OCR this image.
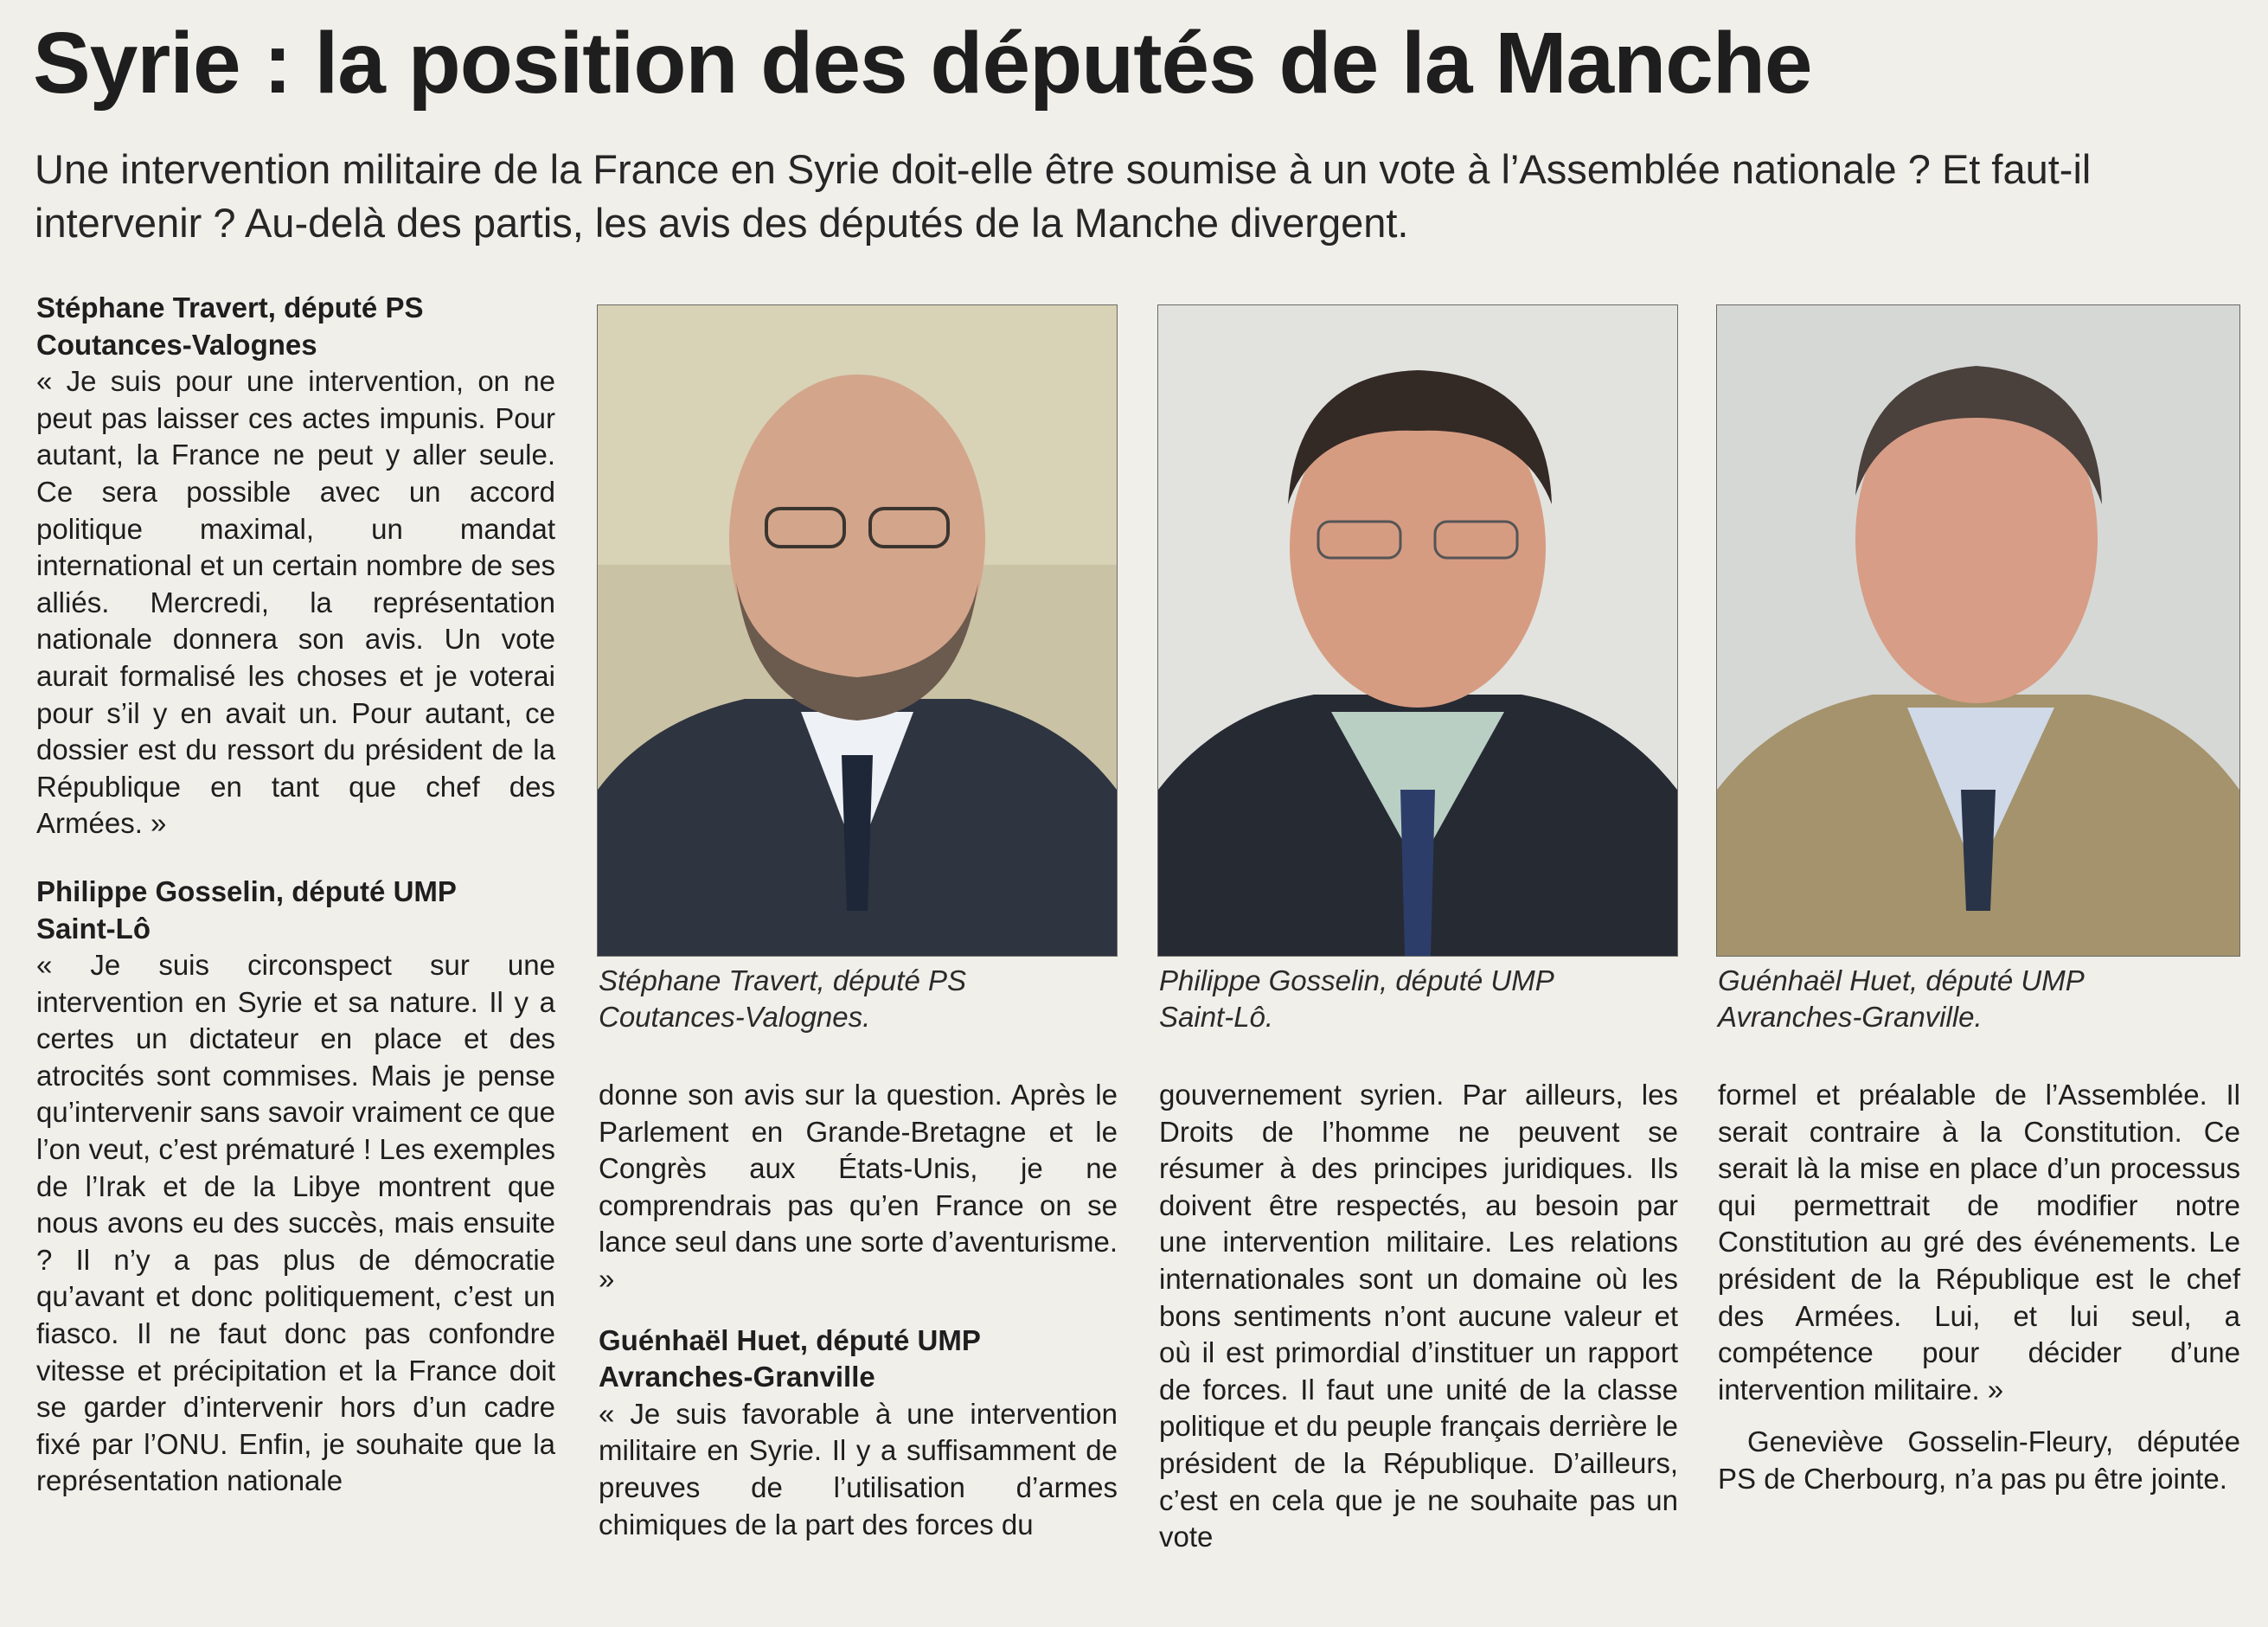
Syrie : la position des députés de la Manche

Une intervention militaire de la France en Syrie doit-elle être soumise à un vote à l’Assemblée nationale ? Et faut-il intervenir ? Au-delà des partis, les avis des députés de la Manche divergent.

Stéphane Travert, député PS
Coutances-Valognes

« Je suis pour une intervention, on ne peut pas laisser ces actes impunis. Pour autant, la France ne peut y aller seule. Ce sera possible avec un accord politique maximal, un mandat international et un certain nombre de ses alliés. Mercredi, la représentation nationale donnera son avis. Un vote aurait formalisé les choses et je voterai pour s’il y en avait un. Pour autant, ce dossier est du ressort du président de la République en tant que chef des Armées. »

Philippe Gosselin, député UMP
Saint-Lô

« Je suis circonspect sur une intervention en Syrie et sa nature. Il y a certes un dictateur en place et des atrocités sont commises. Mais je pense qu’intervenir sans savoir vraiment ce que l’on veut, c’est prématuré ! Les exemples de l’Irak et de la Libye montrent que nous avons eu des succès, mais ensuite ? Il n’y a pas plus de démocratie qu’avant et donc politiquement, c’est un fiasco. Il ne faut donc pas confondre vitesse et précipitation et la France doit se garder d’intervenir hors d’un cadre fixé par l’ONU. Enfin, je souhaite que la représentation nationale

Stéphane Travert, député PS
Coutances-Valognes.

Philippe Gosselin, député UMP
Saint-Lô.

Guénhaël Huet, député UMP
Avranches-Granville.

donne son avis sur la question. Après le Parlement en Grande-Bretagne et le Congrès aux États-Unis, je ne comprendrais pas qu’en France on se lance seul dans une sorte d’aventurisme. »

Guénhaël Huet, député UMP
Avranches-Granville

« Je suis favorable à une intervention militaire en Syrie. Il y a suffisamment de preuves de l’utilisation d’armes chimiques de la part des forces du

gouvernement syrien. Par ailleurs, les Droits de l’homme ne peuvent se résumer à des principes juridiques. Ils doivent être respectés, au besoin par une intervention militaire. Les relations internationales sont un domaine où les bons sentiments n’ont aucune valeur et où il est primordial d’instituer un rapport de forces. Il faut une unité de la classe politique et du peuple français derrière le président de la République. D’ailleurs, c’est en cela que je ne souhaite pas un vote

formel et préalable de l’Assemblée. Il serait contraire à la Constitution. Ce serait là la mise en place d’un processus qui permettrait de modifier notre Constitution au gré des événements. Le président de la République est le chef des Armées. Lui, et lui seul, a compétence pour décider d’une intervention militaire. »

Geneviève Gosselin-Fleury, députée PS de Cherbourg, n’a pas pu être jointe.
